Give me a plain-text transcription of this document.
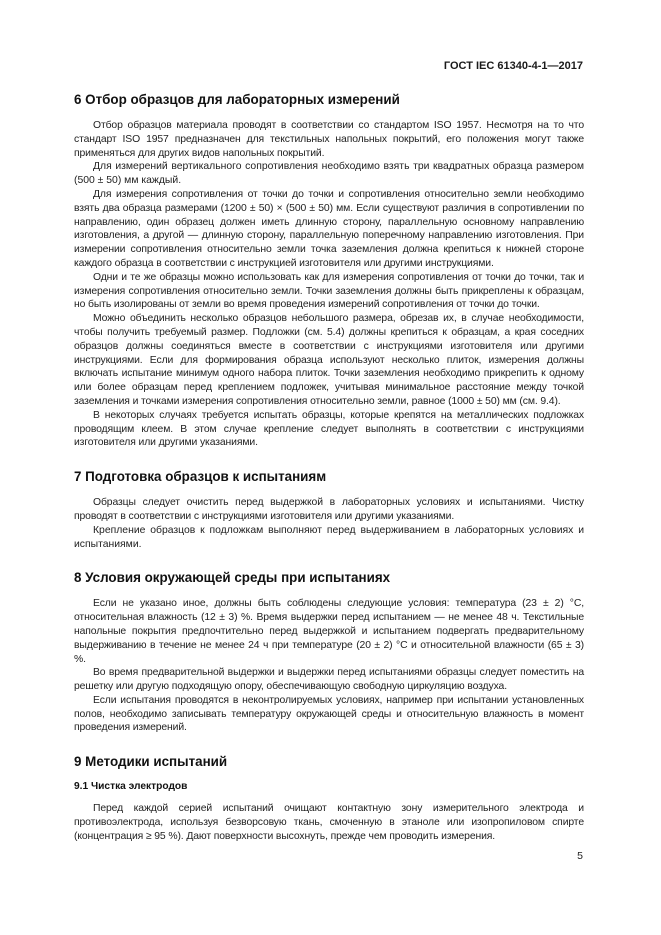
ГОСТ IEC 61340-4-1—2017
6 Отбор образцов для лабораторных измерений

Отбор образцов материала проводят в соответствии со стандартом ISO 1957. Несмотря на то что стандарт ISO 1957 предназначен для текстильных напольных покрытий, его положения могут также применяться для других видов напольных покрытий.

Для измерений вертикального сопротивления необходимо взять три квадратных образца размером (500 ± 50) мм каждый.

Для измерения сопротивления от точки до точки и сопротивления относительно земли необходимо взять два образца размерами (1200 ± 50) × (500 ± 50) мм. Если существуют различия в сопротивлении по направлению, один образец должен иметь длинную сторону, параллельную основному направлению изготовления, а другой — длинную сторону, параллельную поперечному направлению изготовления. При измерении сопротивления относительно земли точка заземления должна крепиться к нижней стороне каждого образца в соответствии с инструкцией изготовителя или другими инструкциями.

Одни и те же образцы можно использовать как для измерения сопротивления от точки до точки, так и измерения сопротивления относительно земли. Точки заземления должны быть прикреплены к образцам, но быть изолированы от земли во время проведения измерений сопротивления от точки до точки.

Можно объединить несколько образцов небольшого размера, обрезав их, в случае необходимости, чтобы получить требуемый размер. Подложки (см. 5.4) должны крепиться к образцам, а края соседних образцов должны соединяться вместе в соответствии с инструкциями изготовителя или другими инструкциями. Если для формирования образца используют несколько плиток, измерения должны включать испытание минимум одного набора плиток. Точки заземления необходимо прикрепить к одному или более образцам перед креплением подложек, учитывая минимальное расстояние между точкой заземления и точками измерения сопротивления относительно земли, равное (1000 ± 50) мм (см. 9.4).

В некоторых случаях требуется испытать образцы, которые крепятся на металлических подложках проводящим клеем. В этом случае крепление следует выполнять в соответствии с инструкциями изготовителя или другими указаниями.

7 Подготовка образцов к испытаниям

Образцы следует очистить перед выдержкой в лабораторных условиях и испытаниями. Чистку проводят в соответствии с инструкциями изготовителя или другими указаниями.

Крепление образцов к подложкам выполняют перед выдерживанием в лабораторных условиях и испытаниями.

8 Условия окружающей среды при испытаниях

Если не указано иное, должны быть соблюдены следующие условия: температура (23 ± 2) °С, относительная влажность (12 ± 3) %. Время выдержки перед испытанием — не менее 48 ч. Текстильные напольные покрытия предпочтительно перед выдержкой и испытанием подвергать предварительному выдерживанию в течение не менее 24 ч при температуре (20 ± 2) °С и относительной влажности (65 ± 3) %.

Во время предварительной выдержки и выдержки перед испытаниями образцы следует поместить на решетку или другую подходящую опору, обеспечивающую свободную циркуляцию воздуха.

Если испытания проводятся в неконтролируемых условиях, например при испытании установленных полов, необходимо записывать температуру окружающей среды и относительную влажность в момент проведения измерений.

9 Методики испытаний
9.1 Чистка электродов

Перед каждой серией испытаний очищают контактную зону измерительного электрода и противоэлектрода, используя безворсовую ткань, смоченную в этаноле или изопропиловом спирте (концентрация ≥ 95 %). Дают поверхности высохнуть, прежде чем проводить измерения.

5
